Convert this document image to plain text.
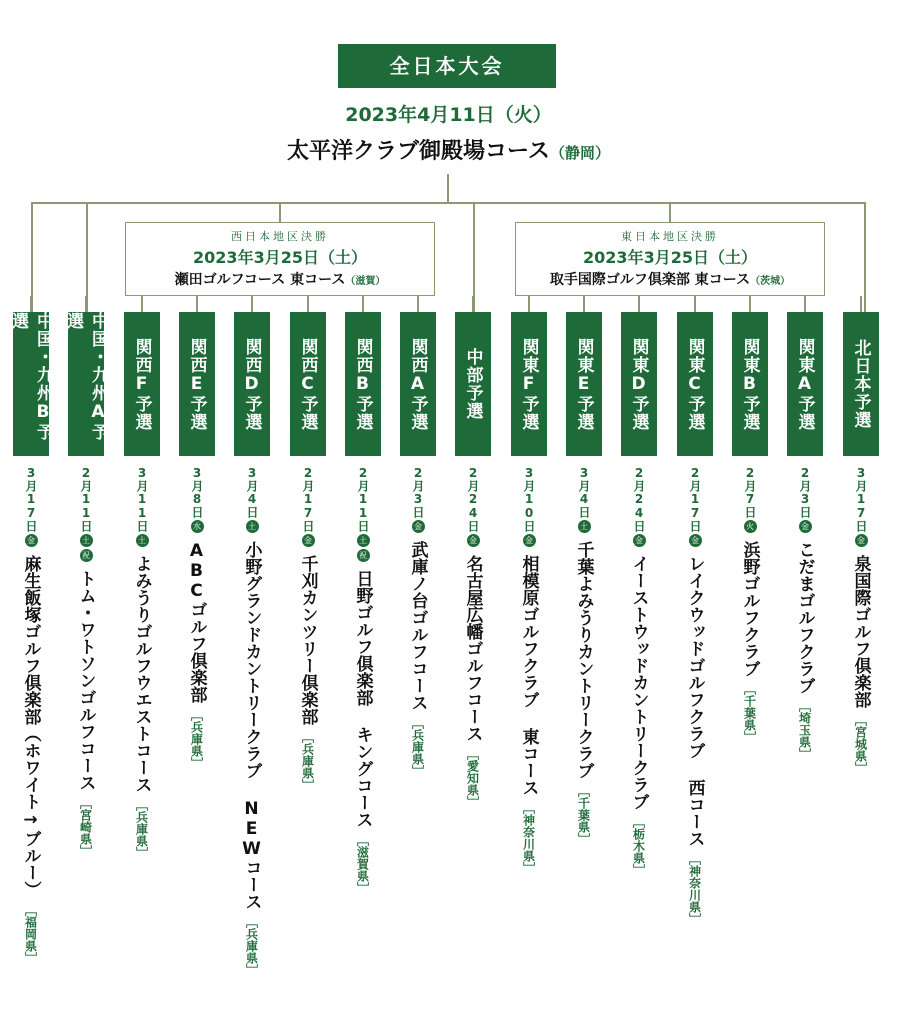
全日本大会
2023年4月11日（火）
太平洋クラブ御殿場コース（静岡）
西日本地区決勝
2023年3月25日（土）
瀬田ゴルフコース 東コース（滋賀）
東日本地区決勝
2023年3月25日（土）
取手国際ゴルフ倶楽部 東コース（茨城）
中国・九州B予選
3月17日
金
麻生飯塚ゴルフ倶楽部（ホワイト→ブルー）
［福岡県］
中国・九州A予選
2月11日
土
祝
トム・ワトソンゴルフコース
［宮崎県］
関西F予選
3月11日
土
よみうりゴルフウエストコース
［兵庫県］
関西E予選
3月8日
水
ABCゴルフ倶楽部
［兵庫県］
関西D予選
3月4日
土
小野グランドカントリークラブ NEWコース
［兵庫県］
関西C予選
2月17日
金
千刈カンツリー倶楽部
［兵庫県］
関西B予選
2月11日
土
祝
日野ゴルフ倶楽部 キングコース
［滋賀県］
関西A予選
2月3日
金
武庫ノ台ゴルフコース
［兵庫県］
中部予選
2月24日
金
名古屋広幡ゴルフコース
［愛知県］
関東F予選
3月10日
金
相模原ゴルフクラブ 東コース
［神奈川県］
関東E予選
3月4日
土
千葉よみうりカントリークラブ
［千葉県］
関東D予選
2月24日
金
イーストウッドカントリークラブ
［栃木県］
関東C予選
2月17日
金
レイクウッドゴルフクラブ 西コース
［神奈川県］
関東B予選
2月7日
火
浜野ゴルフクラブ
［千葉県］
関東A予選
2月3日
金
こだまゴルフクラブ
［埼玉県］
北日本予選
3月17日
金
泉国際ゴルフ倶楽部
［宮城県］
